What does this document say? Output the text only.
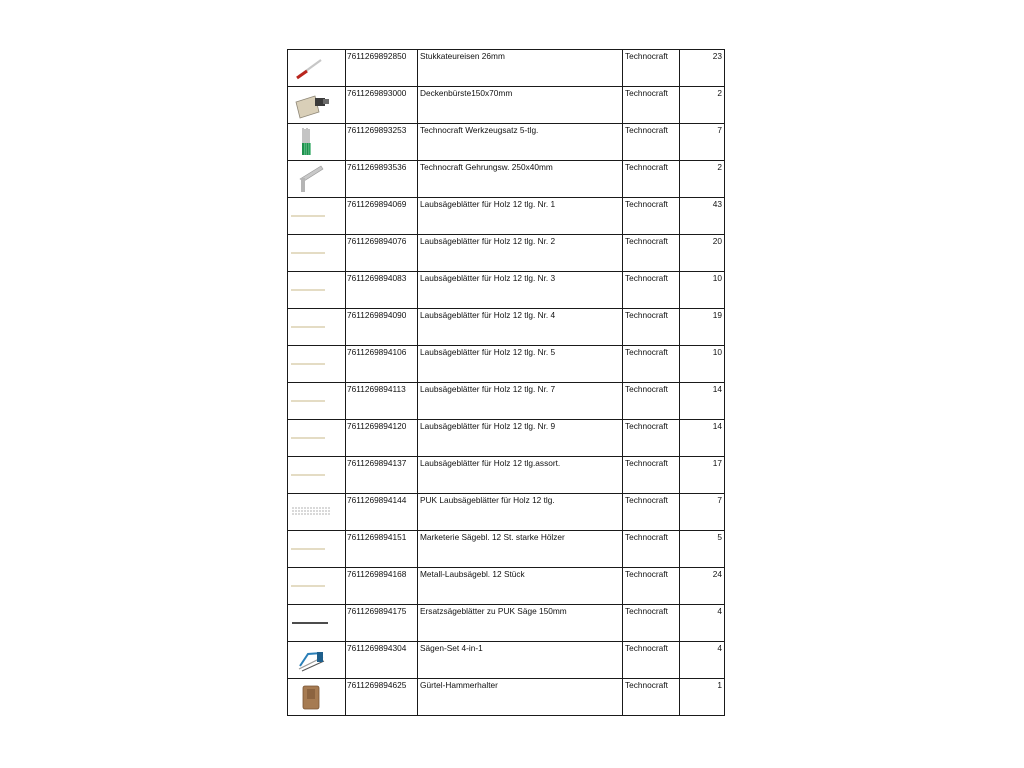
	7611269892850	Stukkateureisen 26mm	Technocraft	23

	7611269893000	Deckenbürste150x70mm	Technocraft	2

	7611269893253	Technocraft Werkzeugsatz 5-tlg.	Technocraft	7

	7611269893536	Technocraft Gehrungsw. 250x40mm	Technocraft	2

	7611269894069	Laubsägeblätter für Holz 12 tlg. Nr. 1	Technocraft	43

	7611269894076	Laubsägeblätter für Holz 12 tlg. Nr. 2	Technocraft	20

	7611269894083	Laubsägeblätter für Holz 12 tlg. Nr. 3	Technocraft	10

	7611269894090	Laubsägeblätter für Holz 12 tlg. Nr. 4	Technocraft	19

	7611269894106	Laubsägeblätter für Holz 12 tlg. Nr. 5	Technocraft	10

	7611269894113	Laubsägeblätter für Holz 12 tlg. Nr. 7	Technocraft	14

	7611269894120	Laubsägeblätter für Holz 12 tlg. Nr. 9	Technocraft	14

	7611269894137	Laubsägeblätter für Holz 12 tlg.assort.	Technocraft	17

	7611269894144	PUK Laubsägeblätter für Holz 12 tlg.	Technocraft	7

	7611269894151	Marketerie Sägebl. 12 St. starke Hölzer	Technocraft	5

	7611269894168	Metall-Laubsägebl. 12 Stück	Technocraft	24

	7611269894175	Ersatzsägeblätter zu PUK Säge 150mm	Technocraft	4

	7611269894304	Sägen-Set 4-in-1	Technocraft	4

	7611269894625	Gürtel-Hammerhalter	Technocraft	1
